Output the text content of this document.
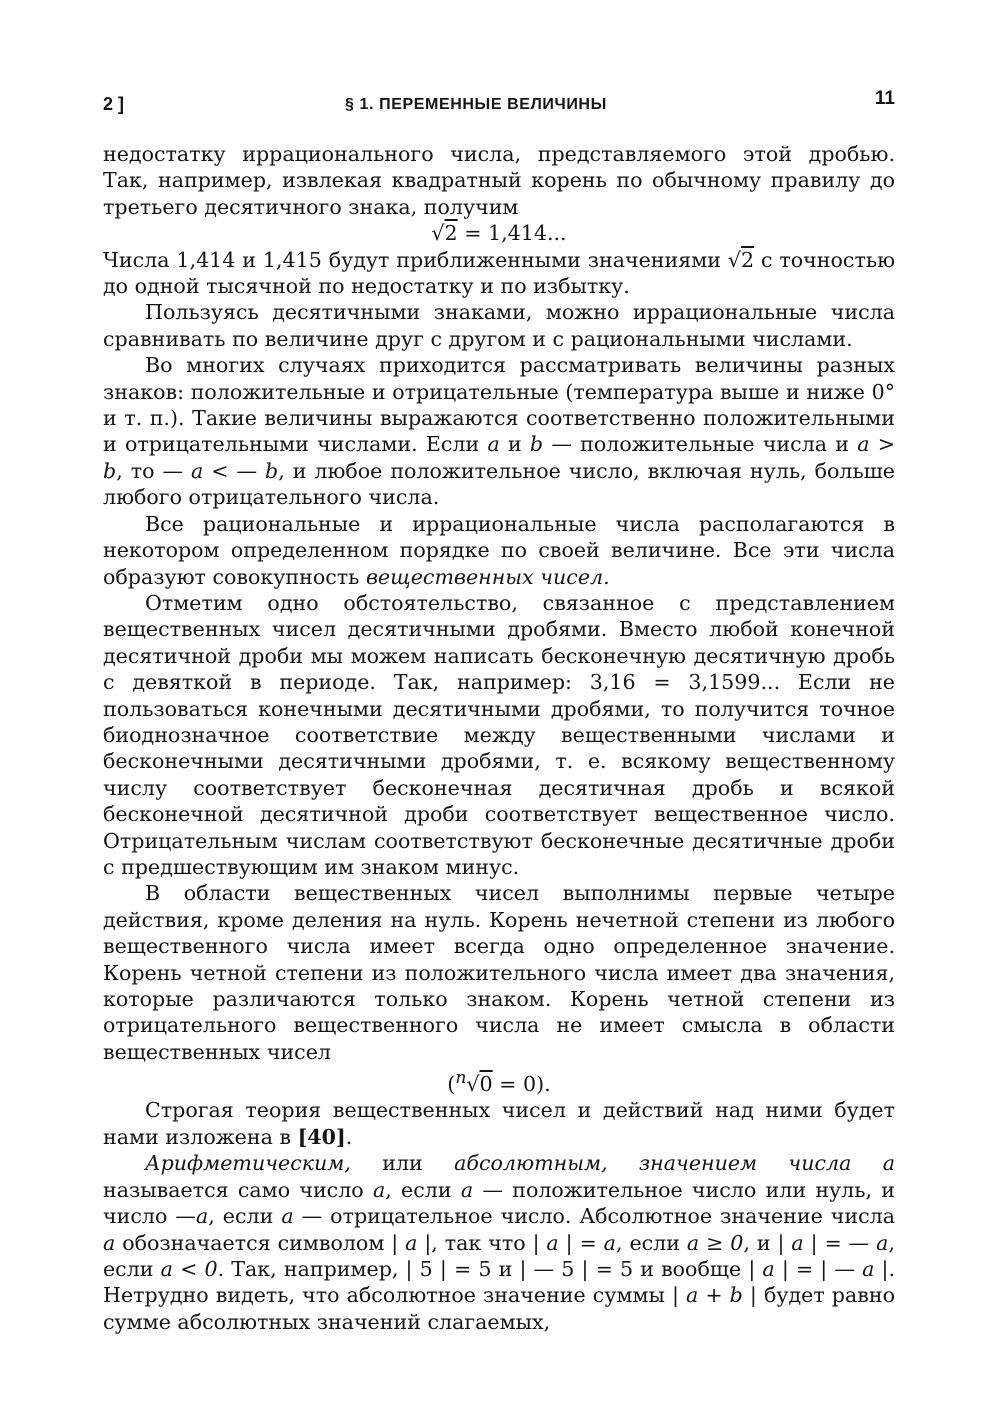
2 ]	§ 1. ПЕРЕМЕННЫЕ ВЕЛИЧИНЫ	11

недостатку иррационального числа, представляемого этой дробью. Так, например, извлекая квадратный корень по обычному правилу до третьего десятичного знака, получим

√2 = 1,414...

Числа 1,414 и 1,415 будут приближенными значениями √2 с точностью до одной тысячной по недостатку и по избытку.

Пользуясь десятичными знаками, можно иррациональные числа сравнивать по величине друг с другом и с рациональными числами.

Во многих случаях приходится рассматривать величины разных знаков: положительные и отрицательные (температура выше и ниже 0° и т. п.). Такие величины выражаются соответственно положительными и отрицательными числами. Если a и b — положительные числа и a > b, то — a < — b, и любое положительное число, включая нуль, больше любого отрицательного числа.

Все рациональные и иррациональные числа располагаются в некотором определенном порядке по своей величине. Все эти числа образуют совокупность вещественных чисел.

Отметим одно обстоятельство, связанное с представлением вещественных чисел десятичными дробями. Вместо любой конечной десятичной дроби мы можем написать бесконечную десятичную дробь с девяткой в периоде. Так, например: 3,16 = 3,1599... Если не пользоваться конечными десятичными дробями, то получится точное биоднозначное соответствие между вещественными числами и бесконечными десятичными дробями, т. е. всякому вещественному числу соответствует бесконечная десятичная дробь и всякой бесконечной десятичной дроби соответствует вещественное число. Отрицательным числам соответствуют бесконечные десятичные дроби с предшествующим им знаком минус.

В области вещественных чисел выполнимы первые четыре действия, кроме деления на нуль. Корень нечетной степени из любого вещественного числа имеет всегда одно определенное значение. Корень четной степени из положительного числа имеет два значения, которые различаются только знаком. Корень четной степени из отрицательного вещественного числа не имеет смысла в области вещественных чисел

($^n$√0 = 0).

Строгая теория вещественных чисел и действий над ними будет нами изложена в [40].

Арифметическим, или абсолютным, значением числа a называется само число a, если a — положительное число или нуль, и число —a, если a — отрицательное число. Абсолютное значение числа a обозначается символом | a |, так что | a | = a, если a ≥ 0, и | a | = — a, если a < 0. Так, например, | 5 | = 5 и | — 5 | = 5 и вообще | a | = | — a |. Нетрудно видеть, что абсолютное значение суммы | a + b | будет равно сумме абсолютных значений слагаемых,
